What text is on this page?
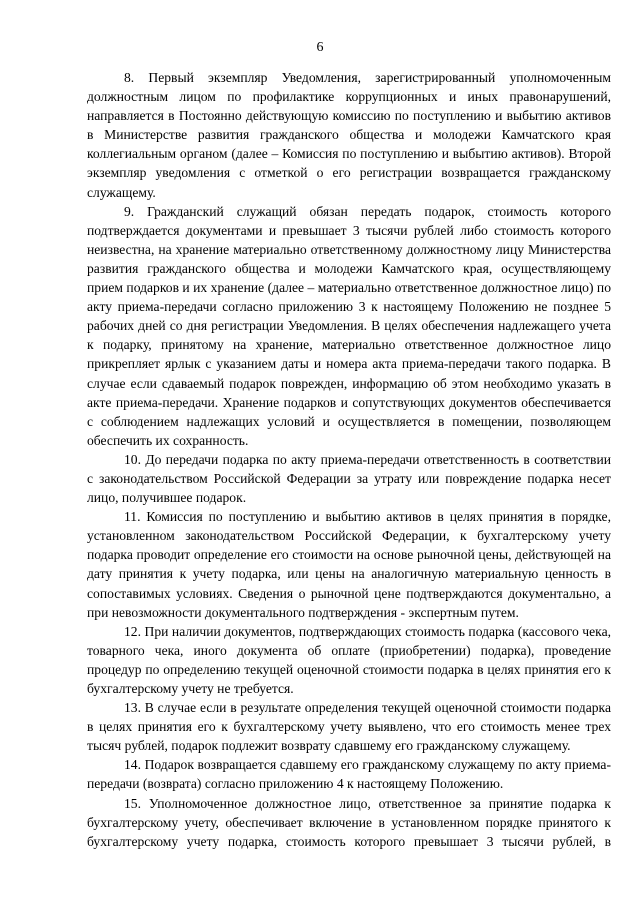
6

8. Первый экземпляр Уведомления, зарегистрированный уполномоченным должностным лицом по профилактике коррупционных и иных правонарушений, направляется в Постоянно действующую комиссию по поступлению и выбытию активов в Министерстве развития гражданского общества и молодежи Камчатского края коллегиальным органом (далее – Комиссия по поступлению и выбытию активов). Второй экземпляр уведомления с отметкой о его регистрации возвращается гражданскому служащему.

9. Гражданский служащий обязан передать подарок, стоимость которого подтверждается документами и превышает 3 тысячи рублей либо стоимость которого неизвестна, на хранение материально ответственному должностному лицу Министерства развития гражданского общества и молодежи Камчатского края, осуществляющему прием подарков и их хранение (далее – материально ответственное должностное лицо) по акту приема-передачи согласно приложению 3 к настоящему Положению не позднее 5 рабочих дней со дня регистрации Уведомления. В целях обеспечения надлежащего учета к подарку, принятому на хранение, материально ответственное должностное лицо прикрепляет ярлык с указанием даты и номера акта приема-передачи такого подарка. В случае если сдаваемый подарок поврежден, информацию об этом необходимо указать в акте приема-передачи. Хранение подарков и сопутствующих документов обеспечивается с соблюдением надлежащих условий и осуществляется в помещении, позволяющем обеспечить их сохранность.

10. До передачи подарка по акту приема-передачи ответственность в соответствии с законодательством Российской Федерации за утрату или повреждение подарка несет лицо, получившее подарок.

11. Комиссия по поступлению и выбытию активов в целях принятия в порядке, установленном законодательством Российской Федерации, к бухгалтерскому учету подарка проводит определение его стоимости на основе рыночной цены, действующей на дату принятия к учету подарка, или цены на аналогичную материальную ценность в сопоставимых условиях. Сведения о рыночной цене подтверждаются документально, а при невозможности документального подтверждения - экспертным путем.

12. При наличии документов, подтверждающих стоимость подарка (кассового чека, товарного чека, иного документа об оплате (приобретении) подарка), проведение процедур по определению текущей оценочной стоимости подарка в целях принятия его к бухгалтерскому учету не требуется.

13. В случае если в результате определения текущей оценочной стоимости подарка в целях принятия его к бухгалтерскому учету выявлено, что его стоимость менее трех тысяч рублей, подарок подлежит возврату сдавшему его гражданскому служащему.

14. Подарок возвращается сдавшему его гражданскому служащему по акту приема-передачи (возврата) согласно приложению 4 к настоящему Положению.

15. Уполномоченное должностное лицо, ответственное за принятие подарка к бухгалтерскому учету, обеспечивает включение в установленном порядке принятого к бухгалтерскому учету подарка, стоимость которого превышает 3 тысячи рублей, в
